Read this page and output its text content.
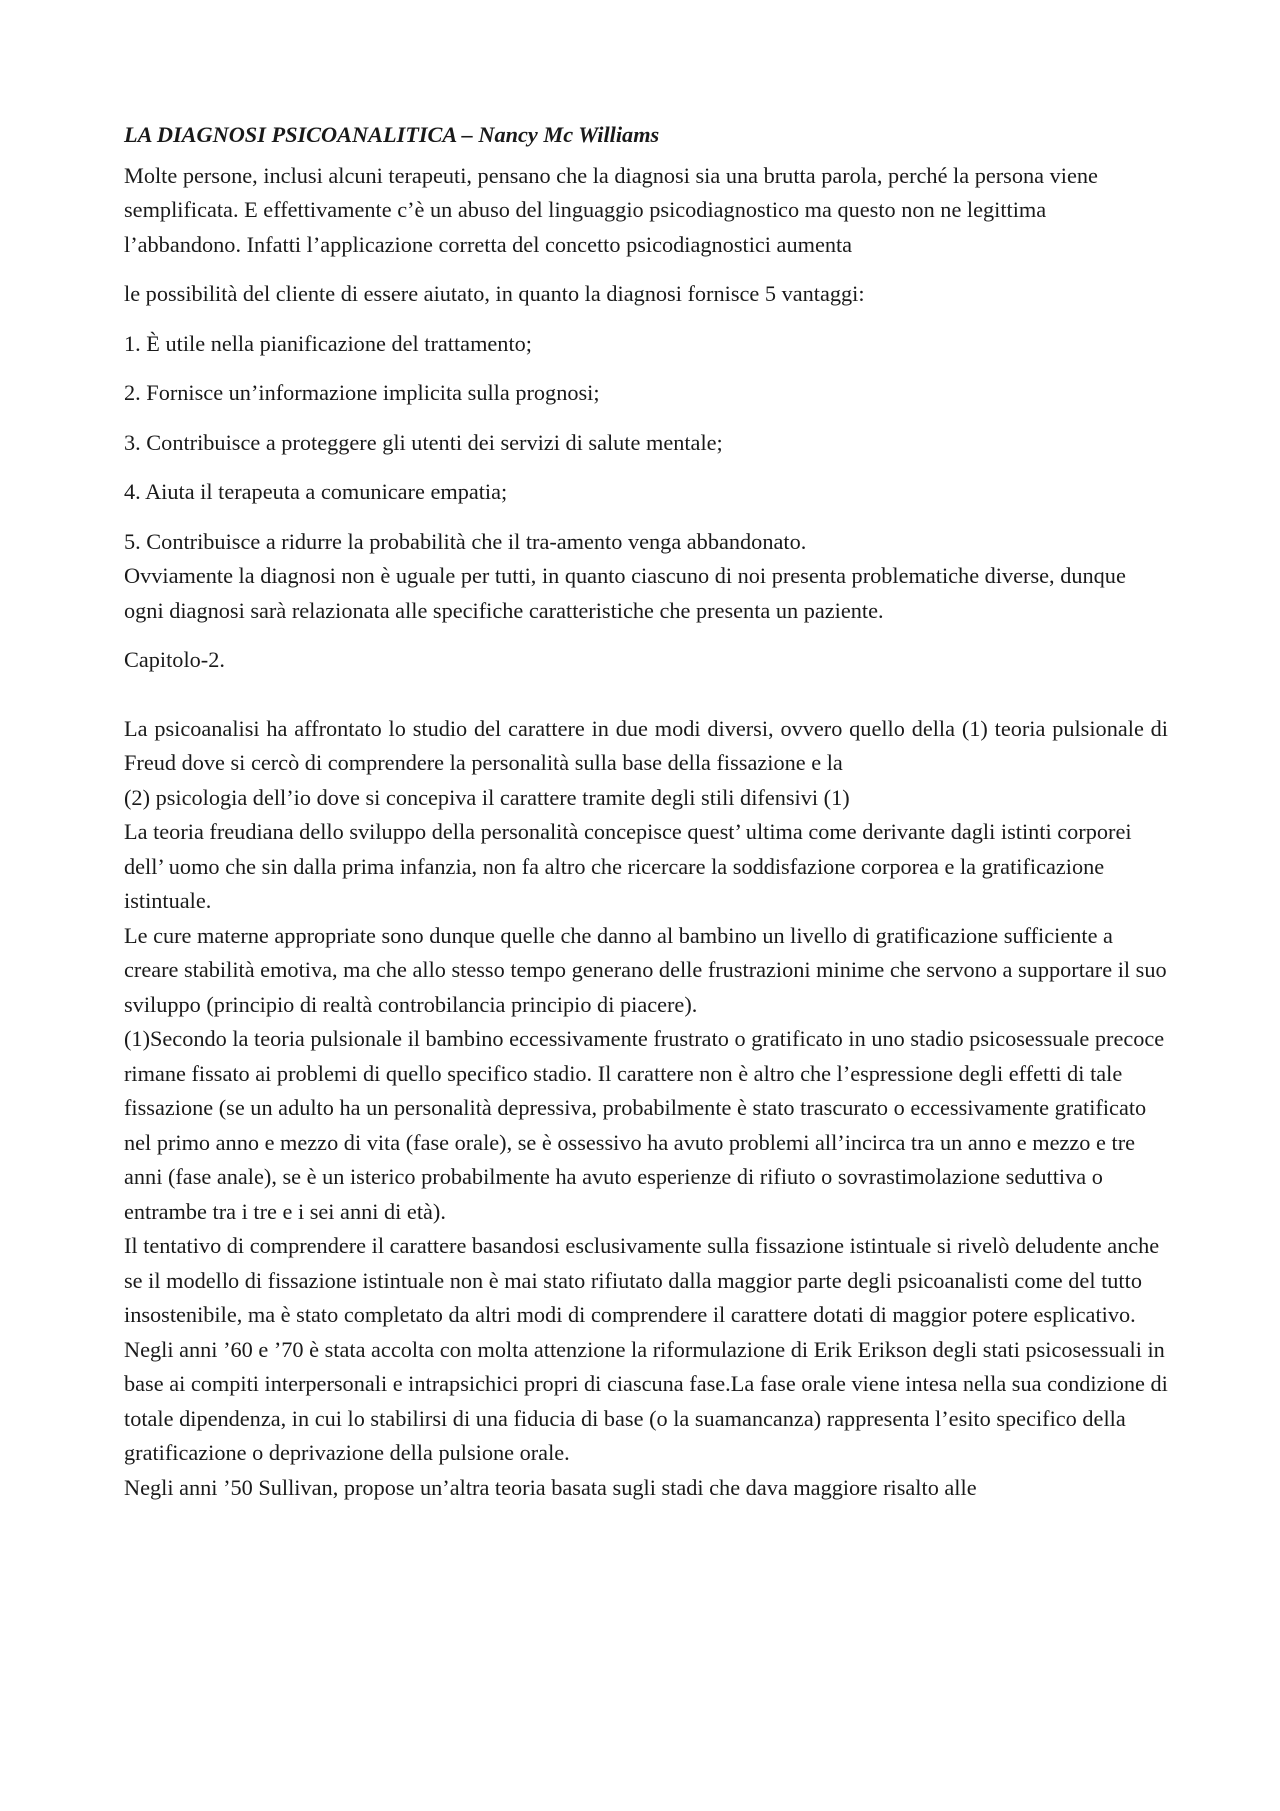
LA DIAGNOSI PSICOANALITICA – Nancy Mc Williams

Molte persone, inclusi alcuni terapeuti, pensano che la diagnosi sia una brutta parola, perché la persona viene semplificata. E effettivamente c’è un abuso del linguaggio psicodiagnostico ma questo non ne legittima l’abbandono. Infatti l’applicazione corretta del concetto psicodiagnostici aumenta

le possibilità del cliente di essere aiutato, in quanto la diagnosi fornisce 5 vantaggi:

1. È utile nella pianificazione del trattamento;

2. Fornisce un’informazione implicita sulla prognosi;

3. Contribuisce a proteggere gli utenti dei servizi di salute mentale;

4. Aiuta il terapeuta a comunicare empatia;

5. Contribuisce a ridurre la probabilità che il tra-amento venga abbandonato.

Ovviamente la diagnosi non è uguale per tutti, in quanto ciascuno di noi presenta problematiche diverse, dunque ogni diagnosi sarà relazionata alle specifiche caratteristiche che presenta un paziente.

Capitolo-2.

La psicoanalisi ha affrontato lo studio del carattere in due modi diversi, ovvero quello della (1) teoria pulsionale di Freud dove si cercò di comprendere la personalità sulla base della fissazione e la

(2) psicologia dell’io dove si concepiva il carattere tramite degli stili difensivi (1)

La teoria freudiana dello sviluppo della personalità concepisce quest’ ultima come derivante dagli istinti corporei dell’ uomo che sin dalla prima infanzia, non fa altro che ricercare la soddisfazione corporea e la gratificazione istintuale.

Le cure materne appropriate sono dunque quelle che danno al bambino un livello di gratificazione sufficiente a creare stabilità emotiva, ma che allo stesso tempo generano delle frustrazioni minime che servono a supportare il suo sviluppo (principio di realtà controbilancia principio di piacere).

(1)Secondo la teoria pulsionale il bambino eccessivamente frustrato o gratificato in uno stadio psicosessuale precoce rimane fissato ai problemi di quello specifico stadio. Il carattere non è altro che l’espressione degli effetti di tale fissazione (se un adulto ha un personalità depressiva, probabilmente è stato trascurato o eccessivamente gratificato nel primo anno e mezzo di vita (fase orale), se è ossessivo ha avuto problemi all’incirca tra un anno e mezzo e tre anni (fase anale), se è un isterico probabilmente ha avuto esperienze di rifiuto o sovrastimolazione seduttiva o entrambe tra i tre e i sei anni di età).

Il tentativo di comprendere il carattere basandosi esclusivamente sulla fissazione istintuale si rivelò deludente anche se il modello di fissazione istintuale non è mai stato rifiutato dalla maggior parte degli psicoanalisti come del tutto insostenibile, ma è stato completato da altri modi di comprendere il carattere dotati di maggior potere esplicativo.

Negli anni ’60 e ’70 è stata accolta con molta attenzione la riformulazione di Erik Erikson degli stati psicosessuali in base ai compiti interpersonali e intrapsichici propri di ciascuna fase.La fase orale viene intesa nella sua condizione di totale dipendenza, in cui lo stabilirsi di una fiducia di base (o la suamancanza) rappresenta l’esito specifico della gratificazione o deprivazione della pulsione orale.

Negli anni ’50 Sullivan, propose un’altra teoria basata sugli stadi che dava maggiore risalto alle
